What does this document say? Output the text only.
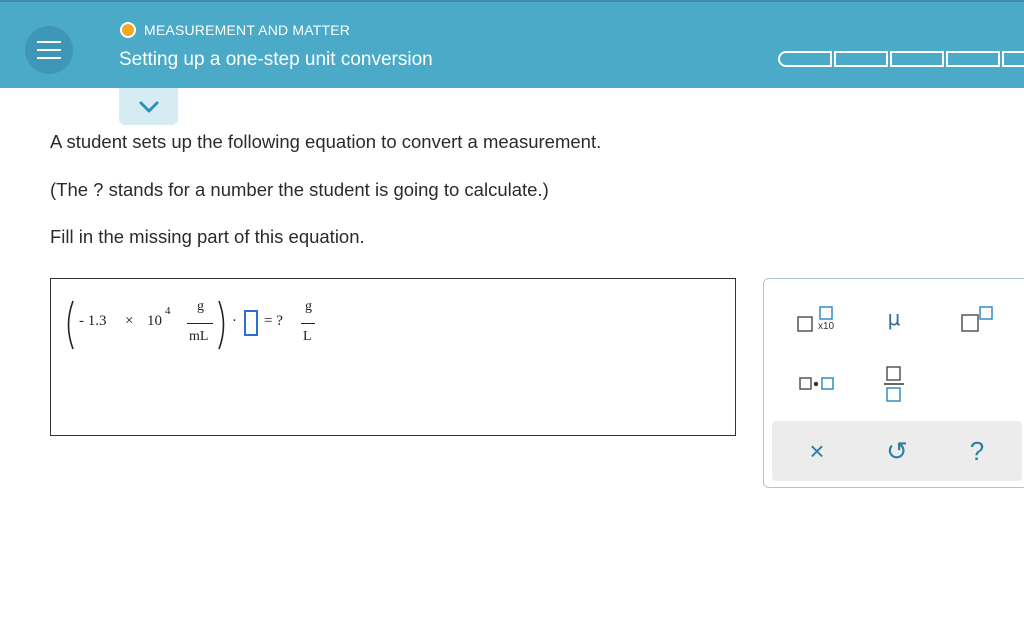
MEASUREMENT AND MATTER
Setting up a one-step unit conversion
A student sets up the following equation to convert a measurement.
(The ? stands for a number the student is going to calculate.)
Fill in the missing part of this equation.
- 1.3 × 10
4 g
mL
· = ?
g
L
x10	μ
× ↺ ?
